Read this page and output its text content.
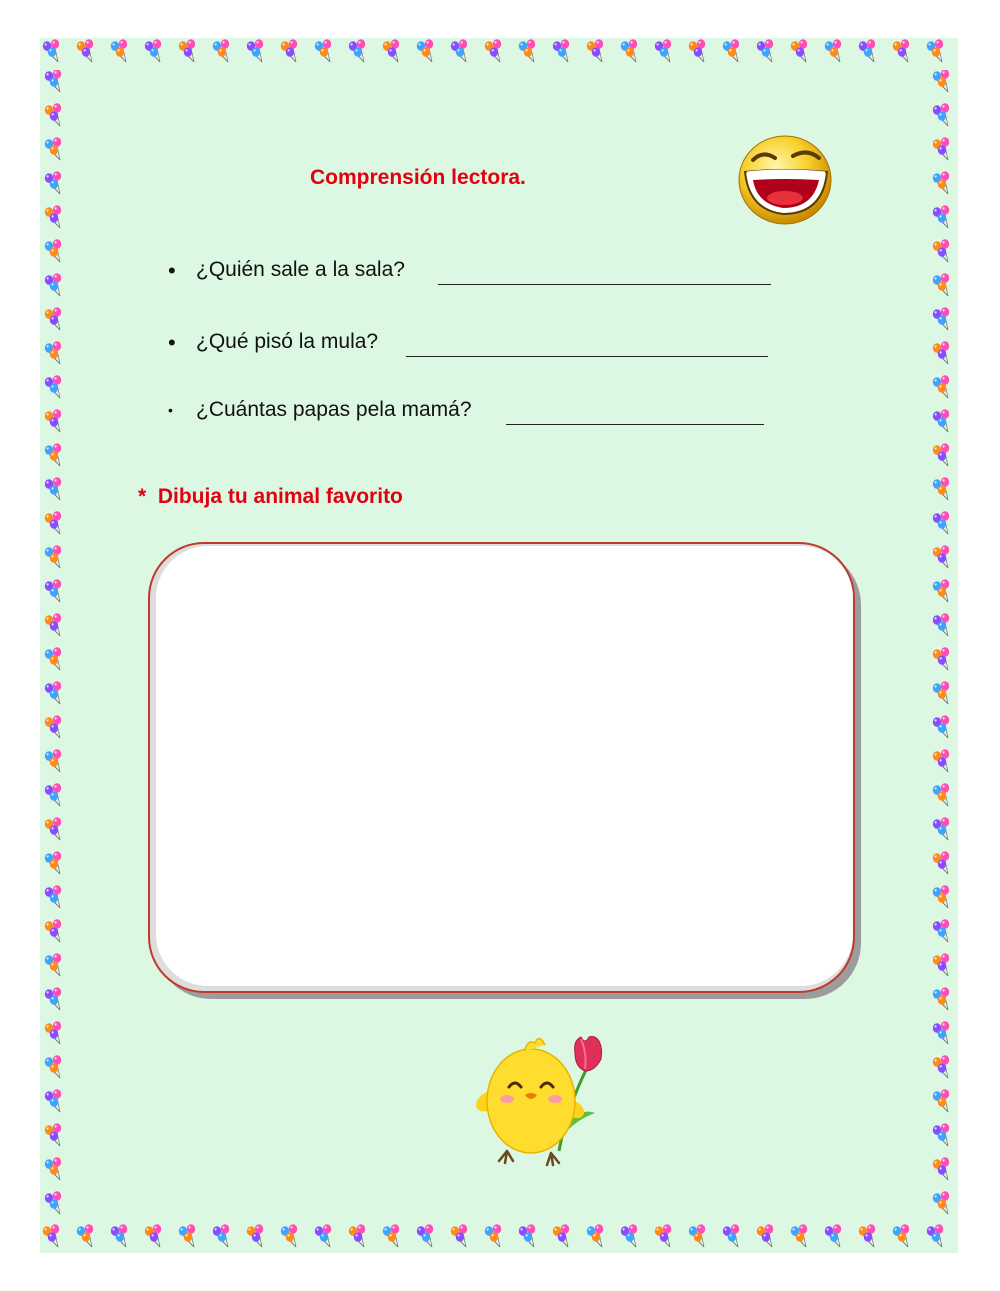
Comprensión lectora.
• ¿Quién sale a la sala?
• ¿Qué pisó la mula?
• ¿Cuántas papas pela mamá?
* Dibuja tu animal favorito
